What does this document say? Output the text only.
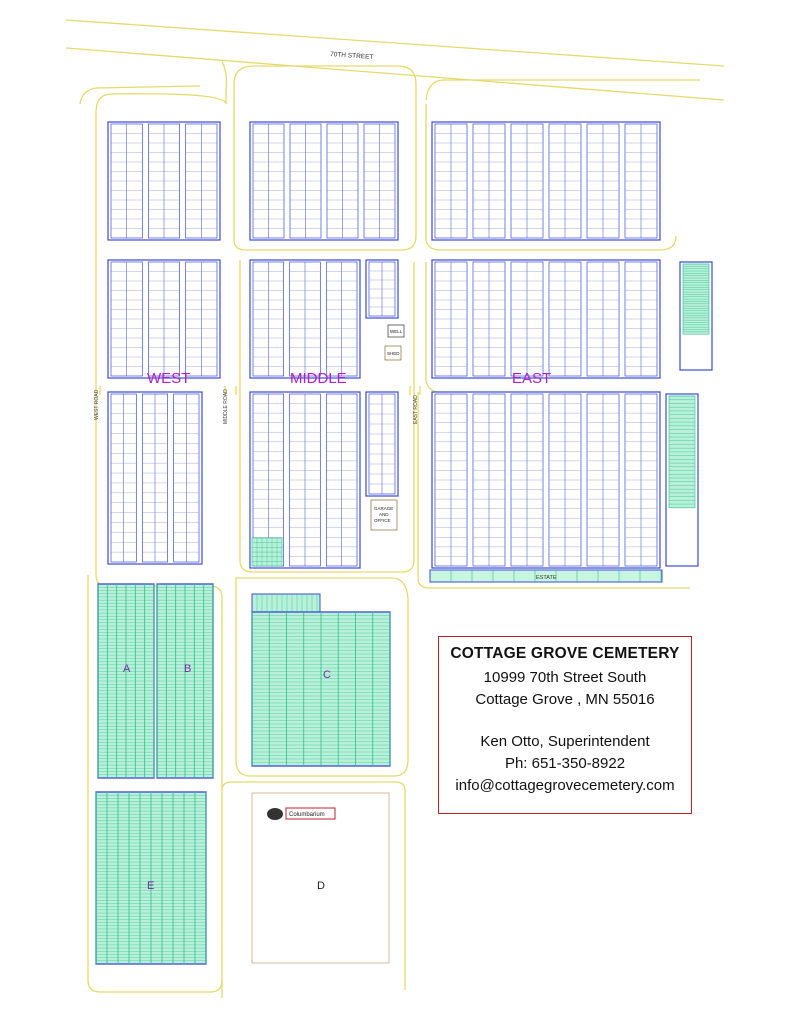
70TH STREET
WEST ROAD	MIDDLE ROAD	EAST ROAD
WELL
SHED
GARAGE
AND
OFFICE
ESTATE
Columbarium
WEST	MIDDLE	EAST
A	B	C
D
E
COTTAGE GROVE CEMETERY
10999 70th Street South
Cottage Grove , MN 55016
Ken Otto, Superintendent
Ph: 651-350-8922
info@cottagegrovecemetery.com
